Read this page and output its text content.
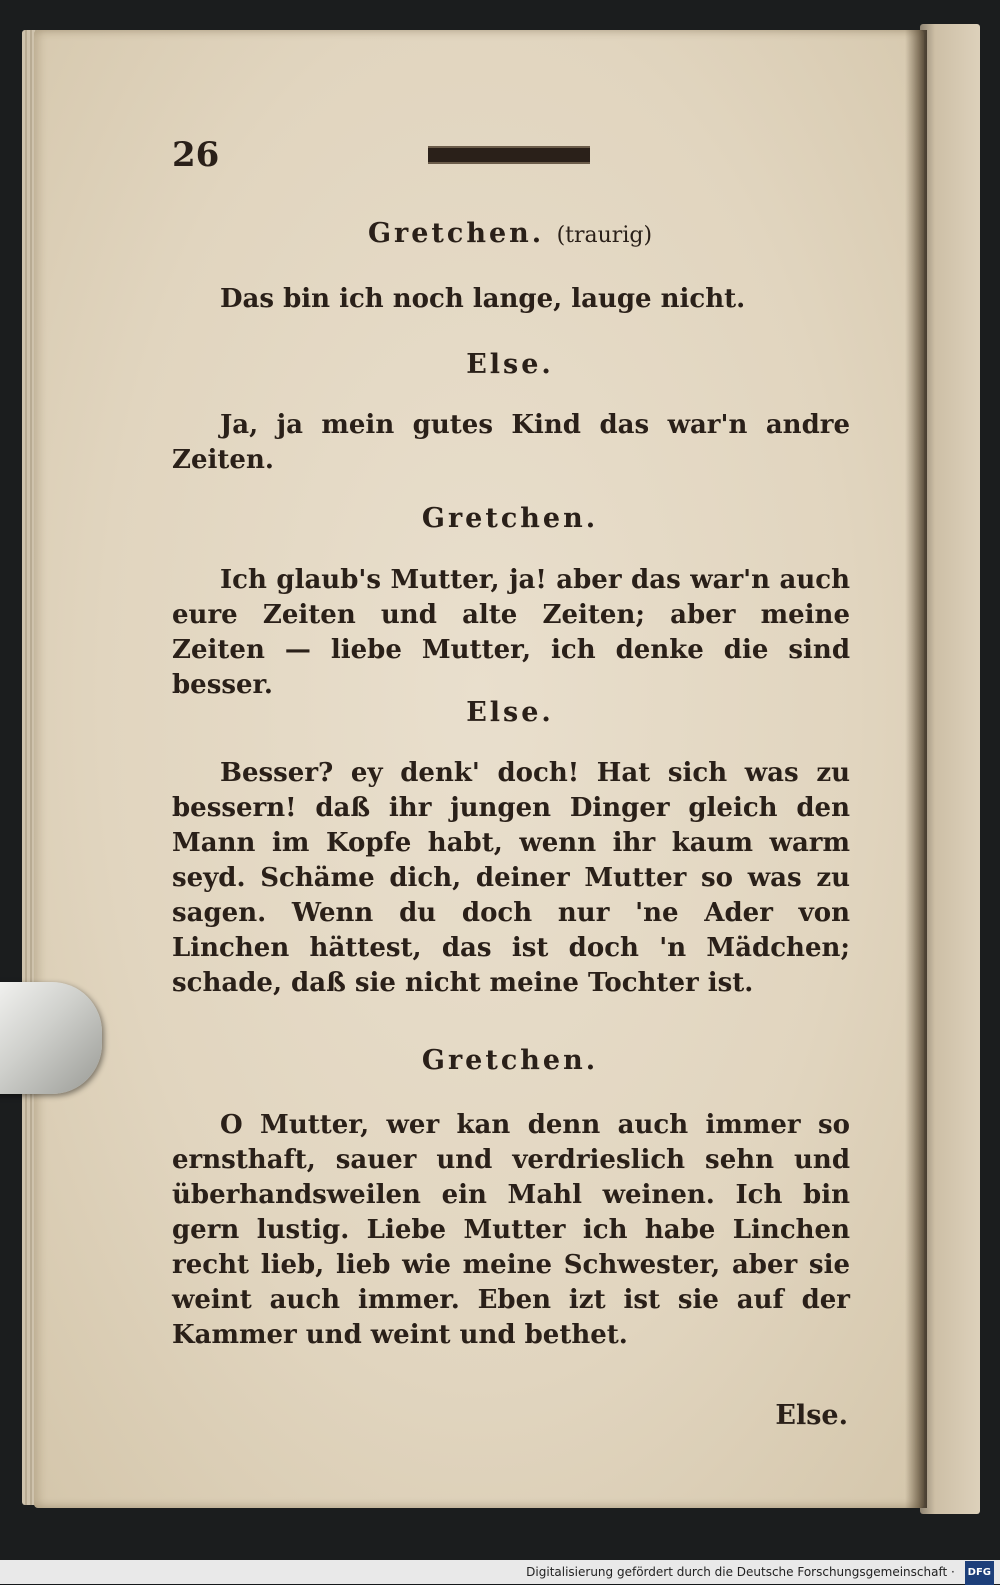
26
Gretchen. (traurig)

Das bin ich noch lange, lauge nicht.

Else.

Ja, ja mein gutes Kind das war'n andre Zeiten.

Gretchen.

Ich glaub's Mutter, ja! aber das war'n auch eure Zeiten und alte Zeiten; aber meine Zeiten — liebe Mutter, ich denke die sind besser.

Else.

Besser? ey denk' doch! Hat sich was zu bessern! daß ihr jungen Dinger gleich den Mann im Kopfe habt, wenn ihr kaum warm seyd. Schäme dich, deiner Mutter so was zu sagen. Wenn du doch nur 'ne Ader von Linchen hättest, das ist doch 'n Mädchen; schade, daß sie nicht meine Tochter ist.

Gretchen.

O Mutter, wer kan denn auch immer so ernsthaft, sauer und verdrieslich sehn und überhandsweilen ein Mahl weinen. Ich bin gern lustig. Liebe Mutter ich habe Linchen recht lieb, lieb wie meine Schwester, aber sie weint auch immer. Eben izt ist sie auf der Kammer und weint und bethet.

Else.
Digitalisierung gefördert durch die Deutsche Forschungsgemeinschaft · DFG
